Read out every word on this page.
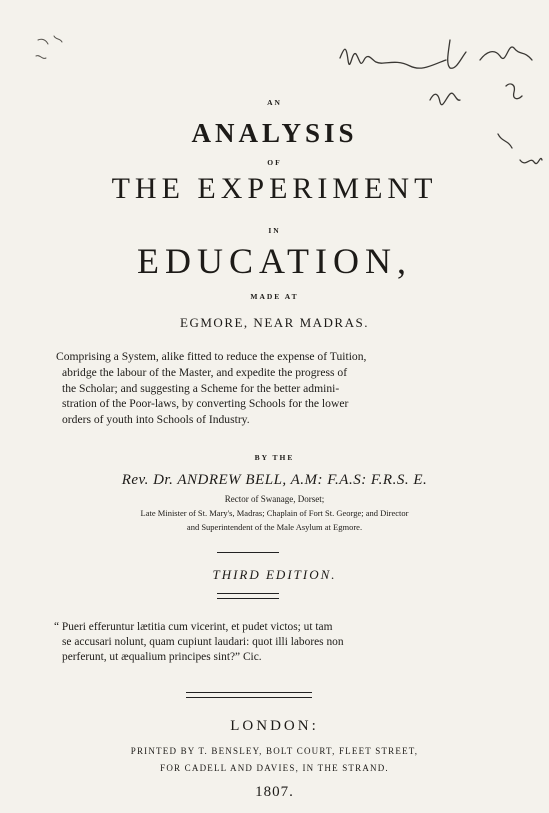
AN
ANALYSIS
OF
THE EXPERIMENT
IN
EDUCATION,
MADE AT
EGMORE, NEAR MADRAS.
Comprising a System, alike fitted to reduce the expense of Tuition,
abridge the labour of the Master, and expedite the progress of
the Scholar; and suggesting a Scheme for the better admini-
stration of the Poor-laws, by converting Schools for the lower
orders of youth into Schools of Industry.
BY THE
Rev. Dr. ANDREW BELL, A.M: F.A.S: F.R.S. E.
Rector of Swanage, Dorset;
Late Minister of St. Mary's, Madras; Chaplain of Fort St. George; and Director
and Superintendent of the Male Asylum at Egmore.
THIRD EDITION.
“ Pueri efferuntur lætitia cum vicerint, et pudet victos; ut tam
se accusari nolunt, quam cupiunt laudari: quot illi labores non
perferunt, ut æqualium principes sint?” Cic.
LONDON:
PRINTED BY T. BENSLEY, BOLT COURT, FLEET STREET,
FOR CADELL AND DAVIES, IN THE STRAND.
1807.
